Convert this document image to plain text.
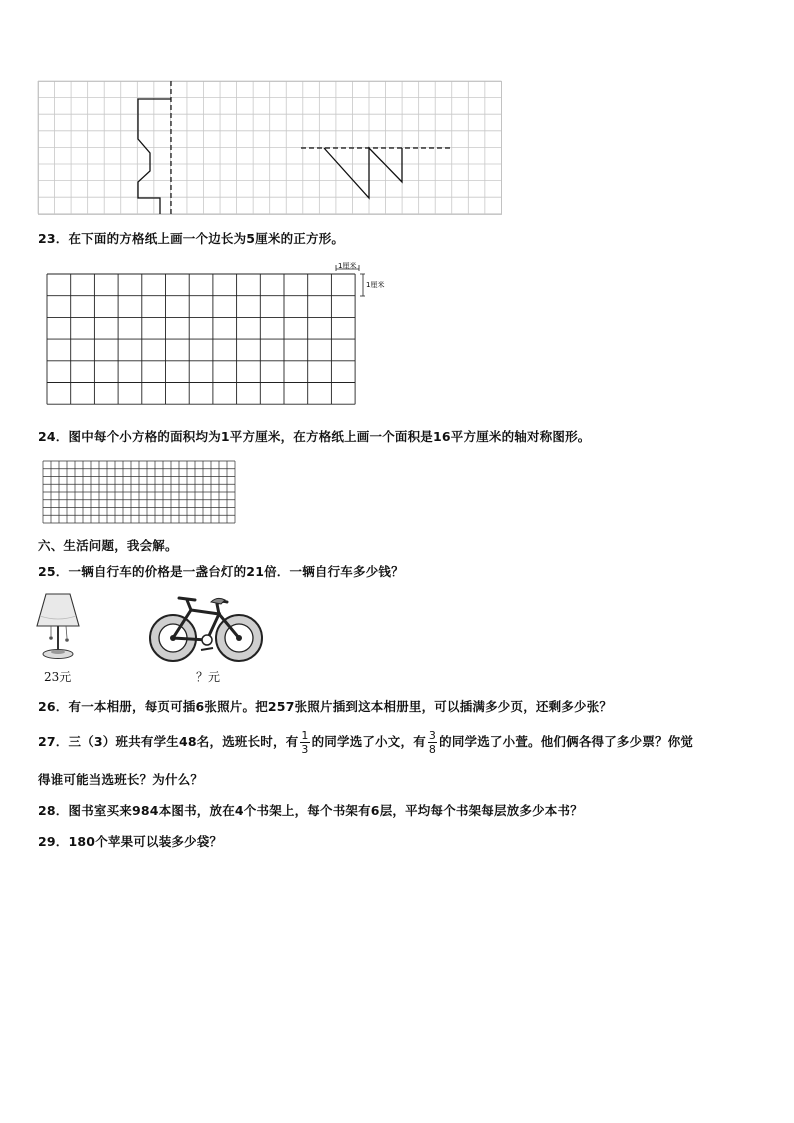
23．在下面的方格纸上画一个边长为5厘米的正方形。
1厘米
1厘米
24．图中每个小方格的面积均为1平方厘米，在方格纸上画一个面积是16平方厘米的轴对称图形。
六、生活问题，我会解。
25．一辆自行车的价格是一盏台灯的21倍．一辆自行车多少钱？
23元	？元
26．有一本相册，每页可插6张照片。把257张照片插到这本相册里，可以插满多少页，还剩多少张？
27．三（3）班共有学生48名，选班长时，有 $\frac{1}{3}$ 的同学选了小文，有 $\frac{3}{8}$ 的同学选了小萱。他们俩各得了多少票？你觉
得谁可能当选班长？为什么？
28．图书室买来984本图书，放在4个书架上，每个书架有6层，平均每个书架每层放多少本书？
29．180个苹果可以装多少袋？
